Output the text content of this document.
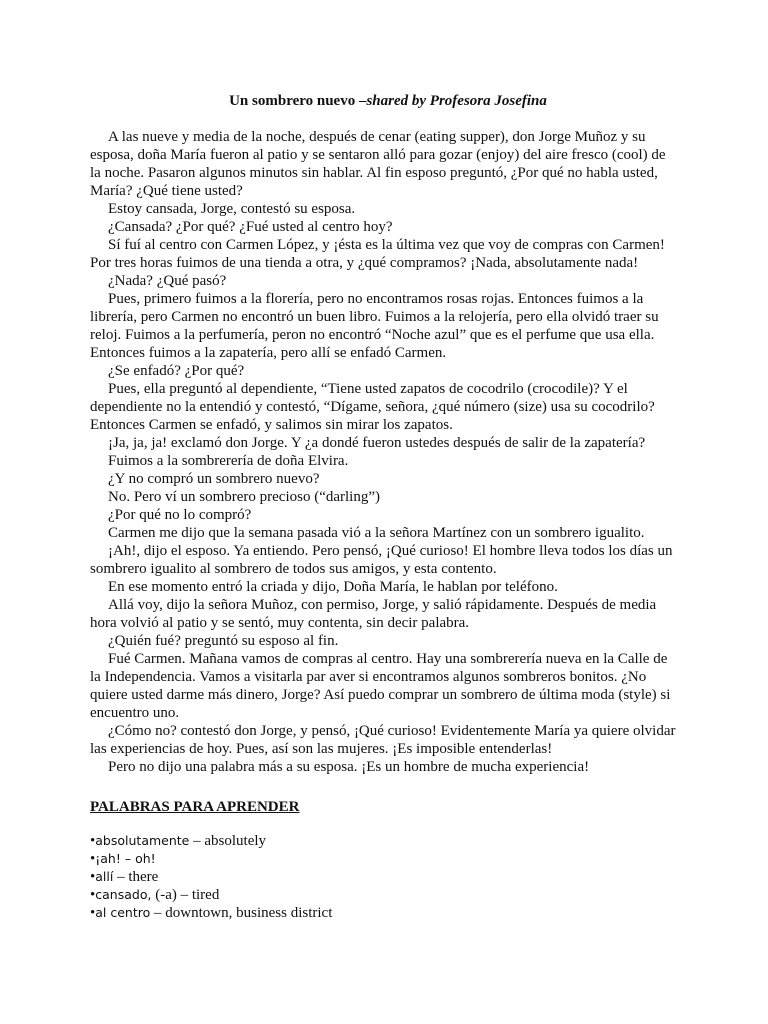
Un sombrero nuevo –shared by Profesora Josefina

A las nueve y media de la noche, después de cenar (eating supper), don Jorge Muñoz y su esposa, doña María fueron al patio y se sentaron alló para gozar (enjoy) del aire fresco (cool) de la noche. Pasaron algunos minutos sin hablar. Al fin esposo preguntó, ¿Por qué no habla usted, María? ¿Qué tiene usted?

Estoy cansada, Jorge, contestó su esposa.

¿Cansada? ¿Por qué? ¿Fué usted al centro hoy?

Sí fuí al centro con Carmen López, y ¡ésta es la última vez que voy de compras con Carmen! Por tres horas fuimos de una tienda a otra, y ¿qué compramos? ¡Nada, absolutamente nada!

¿Nada? ¿Qué pasó?

Pues, primero fuimos a la florería, pero no encontramos rosas rojas. Entonces fuimos a la librería, pero Carmen no encontró un buen libro. Fuimos a la relojería, pero ella olvidó traer su reloj. Fuimos a la perfumería, peron no encontró “Noche azul” que es el perfume que usa ella. Entonces fuimos a la zapatería, pero allí se enfadó Carmen.

¿Se enfadó? ¿Por qué?

Pues, ella preguntó al dependiente, “Tiene usted zapatos de cocodrilo (crocodile)? Y el dependiente no la entendió y contestó, “Dígame, señora, ¿qué número (size) usa su cocodrilo? Entonces Carmen se enfadó, y salimos sin mirar los zapatos.

¡Ja, ja, ja! exclamó don Jorge. Y ¿a dondé fueron ustedes después de salir de la zapatería?

Fuimos a la sombrerería de doña Elvira.

¿Y no compró un sombrero nuevo?

No. Pero ví un sombrero precioso (“darling”)

¿Por qué no lo compró?

Carmen me dijo que la semana pasada vió a la señora Martínez con un sombrero igualito.

¡Ah!, dijo el esposo. Ya entiendo. Pero pensó, ¡Qué curioso! El hombre lleva todos los días un sombrero igualito al sombrero de todos sus amigos, y esta contento.

En ese momento entró la criada y dijo, Doña María, le hablan por teléfono.

Allá voy, dijo la señora Muñoz, con permiso, Jorge, y salió rápidamente. Después de media hora volvió al patio y se sentó, muy contenta, sin decir palabra.

¿Quién fué? preguntó su esposo al fin.

Fué Carmen. Mañana vamos de compras al centro. Hay una sombrerería nueva en la Calle de la Independencia. Vamos a visitarla par aver si encontramos algunos sombreros bonitos. ¿No quiere usted darme más dinero, Jorge? Así puedo comprar un sombrero de última moda (style) si encuentro uno.

¿Cómo no? contestó don Jorge, y pensó, ¡Qué curioso! Evidentemente María ya quiere olvidar las experiencias de hoy. Pues, así son las mujeres. ¡Es imposible entenderlas!

Pero no dijo una palabra más a su esposa. ¡Es un hombre de mucha experiencia!

PALABRAS PARA APRENDER
•absolutamente – absolutely
•¡ah! – oh!
•allí – there
•cansado, (-a) – tired
•al centro – downtown, business district
